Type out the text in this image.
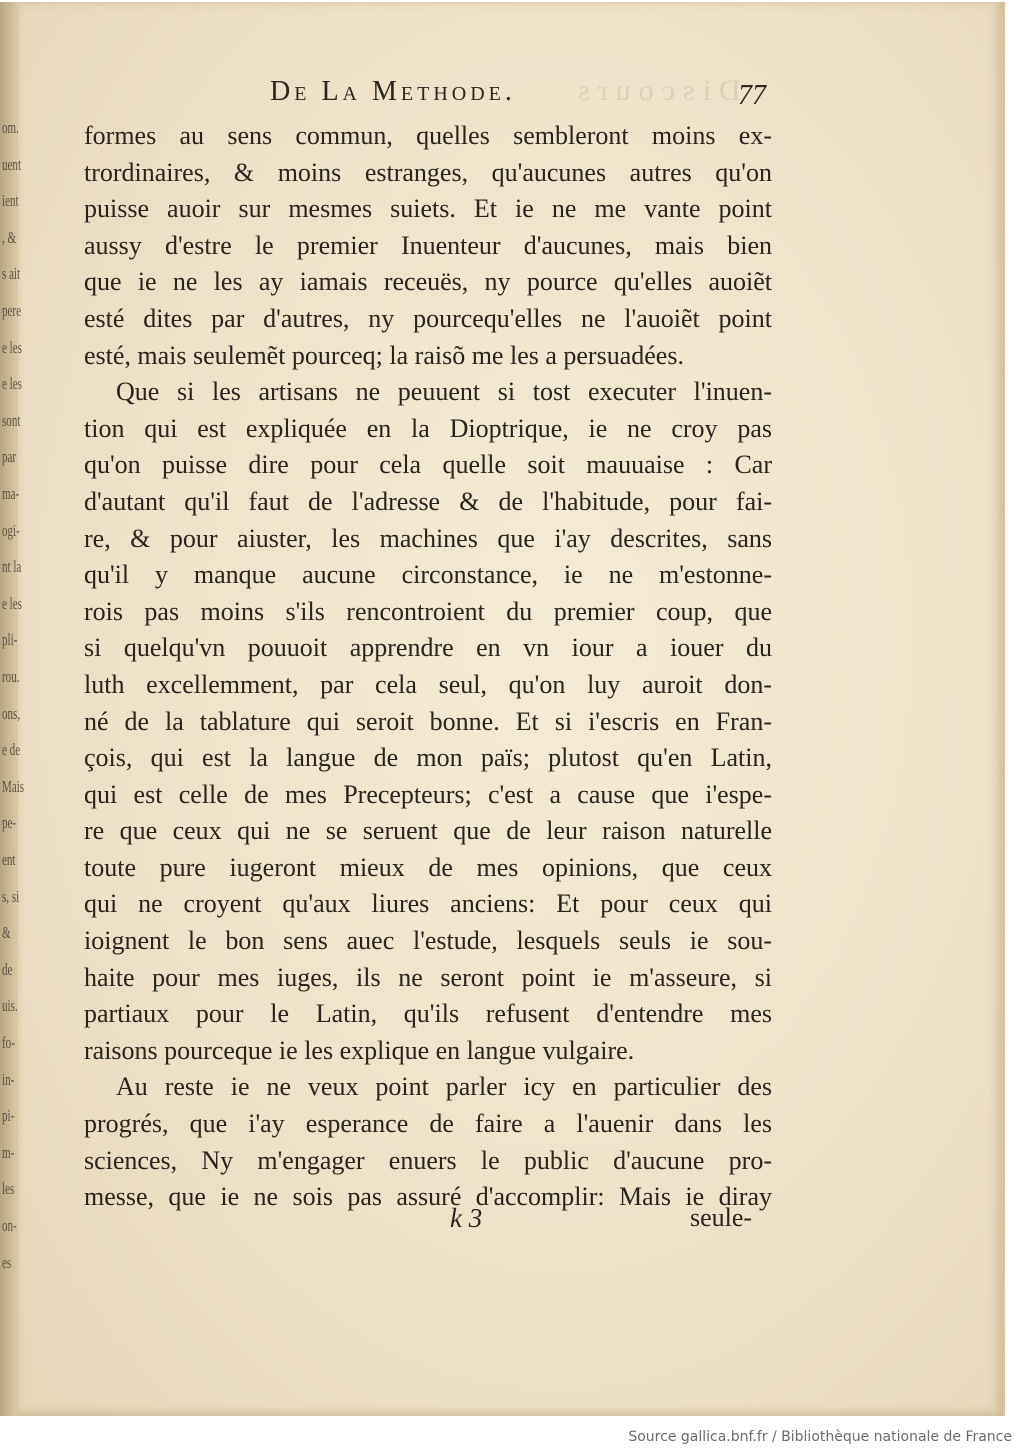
om.
uent
ient
, &
s ait
pere
e les
e les
sont
par
ma-
ogi-
nt la
e les
pli-
rou.
ons,
e de
Mais
pe-
ent
s, si
&
de
uis.
fo-
in-
pi-
m-
les
on-
es
Discours
De La Methode.	77
formes au sens commun, quelles sembleront moins ex-
trordinaires, & moins estranges, qu'aucunes autres qu'on
puisse auoir sur mesmes suiets. Et ie ne me vante point
aussy d'estre le premier Inuenteur d'aucunes, mais bien
que ie ne les ay iamais receuës, ny pource qu'elles auoiẽt
esté dites par d'autres, ny pourcequ'elles ne l'auoiẽt point
esté, mais seulemẽt pourceq; la raisõ me les a persuadées.
Que si les artisans ne peuuent si tost executer l'inuen-
tion qui est expliquée en la Dioptrique, ie ne croy pas
qu'on puisse dire pour cela quelle soit mauuaise : Car
d'autant qu'il faut de l'adresse & de l'habitude, pour fai-
re, & pour aiuster, les machines que i'ay descrites, sans
qu'il y manque aucune circonstance, ie ne m'estonne-
rois pas moins s'ils rencontroient du premier coup, que
si quelqu'vn pouuoit apprendre en vn iour a iouer du
luth excellemment, par cela seul, qu'on luy auroit don-
né de la tablature qui seroit bonne. Et si i'escris en Fran-
çois, qui est la langue de mon païs; plutost qu'en Latin,
qui est celle de mes Precepteurs; c'est a cause que i'espe-
re que ceux qui ne se seruent que de leur raison naturelle
toute pure iugeront mieux de mes opinions, que ceux
qui ne croyent qu'aux liures anciens: Et pour ceux qui
ioignent le bon sens auec l'estude, lesquels seuls ie sou-
haite pour mes iuges, ils ne seront point ie m'asseure, si
partiaux pour le Latin, qu'ils refusent d'entendre mes
raisons pourceque ie les explique en langue vulgaire.
Au reste ie ne veux point parler icy en particulier des
progrés, que i'ay esperance de faire a l'auenir dans les
sciences, Ny m'engager enuers le public d'aucune pro-
messe, que ie ne sois pas assuré d'accomplir: Mais ie diray
k 3	seule-
Source gallica.bnf.fr / Bibliothèque nationale de France
